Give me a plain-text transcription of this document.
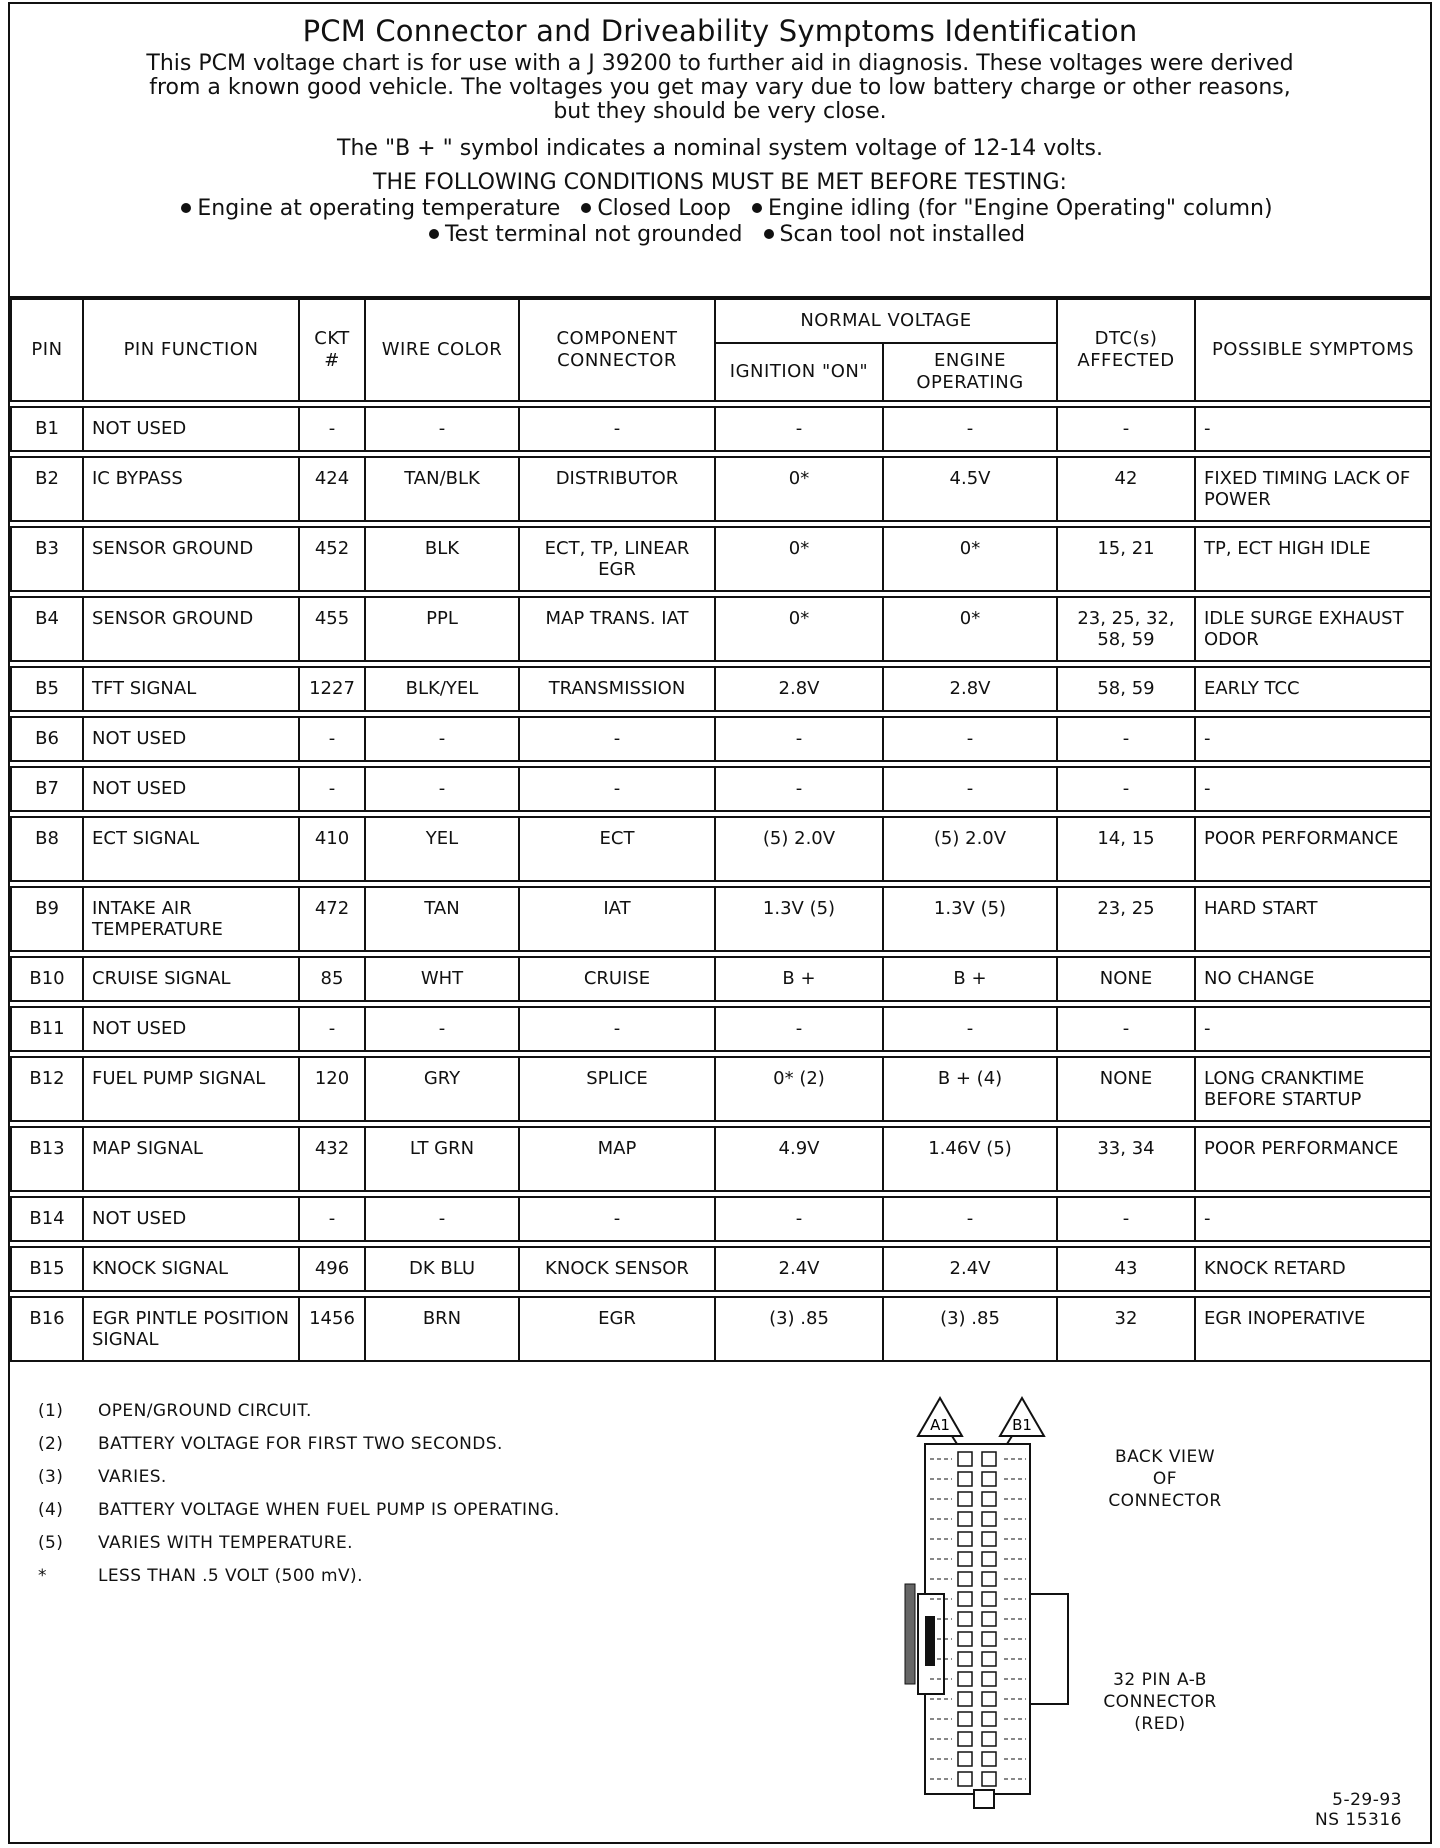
PCM Connector and Driveability Symptoms Identification
This PCM voltage chart is for use with a J 39200 to further aid in diagnosis. These voltages were derived
from a known good vehicle. The voltages you get may vary due to low battery charge or other reasons,
but they should be very close.
The "B + " symbol indicates a nominal system voltage of 12-14 volts.
THE FOLLOWING CONDITIONS MUST BE MET BEFORE TESTING:
Engine at operating temperature Closed Loop Engine idling (for "Engine Operating" column)
Test terminal not grounded Scan tool not installed
PIN	PIN FUNCTION	CKT #	WIRE COLOR	COMPONENT CONNECTOR	NORMAL VOLTAGE		DTC(s) AFFECTED	POSSIBLE SYMPTOMS
					IGNITION "ON"	ENGINE OPERATING		

B1	NOT USED	-	-	-	-	-	-	-

B2	IC BYPASS	424	TAN/BLK	DISTRIBUTOR	0*	4.5V	42	FIXED TIMING LACK OF POWER

B3	SENSOR GROUND	452	BLK	ECT, TP, LINEAR EGR	0*	0*	15, 21	TP, ECT HIGH IDLE

B4	SENSOR GROUND	455	PPL	MAP TRANS. IAT	0*	0*	23, 25, 32, 58, 59	IDLE SURGE EXHAUST ODOR

B5	TFT SIGNAL	1227	BLK/YEL	TRANSMISSION	2.8V	2.8V	58, 59	EARLY TCC

B6	NOT USED	-	-	-	-	-	-	-

B7	NOT USED	-	-	-	-	-	-	-

B8	ECT SIGNAL	410	YEL	ECT	(5) 2.0V	(5) 2.0V	14, 15	POOR PERFORMANCE

B9	INTAKE AIR TEMPERATURE	472	TAN	IAT	1.3V (5)	1.3V (5)	23, 25	HARD START

B10	CRUISE SIGNAL	85	WHT	CRUISE	B +	B +	NONE	NO CHANGE

B11	NOT USED	-	-	-	-	-	-	-

B12	FUEL PUMP SIGNAL	120	GRY	SPLICE	0* (2)	B + (4)	NONE	LONG CRANKTIME BEFORE STARTUP

B13	MAP SIGNAL	432	LT GRN	MAP	4.9V	1.46V (5)	33, 34	POOR PERFORMANCE

B14	NOT USED	-	-	-	-	-	-	-

B15	KNOCK SIGNAL	496	DK BLU	KNOCK SENSOR	2.4V	2.4V	43	KNOCK RETARD

B16	EGR PINTLE POSITION SIGNAL	1456	BRN	EGR	(3) .85	(3) .85	32	EGR INOPERATIVE
(1)	OPEN/GROUND CIRCUIT.
(2)	BATTERY VOLTAGE FOR FIRST TWO SECONDS.
(3)	VARIES.
(4)	BATTERY VOLTAGE WHEN FUEL PUMP IS OPERATING.
(5)	VARIES WITH TEMPERATURE.
*	LESS THAN .5 VOLT (500 mV).
A1	B1
BACK VIEW OF CONNECTOR
32 PIN A-B CONNECTOR (RED)
5-29-93
NS 15316
